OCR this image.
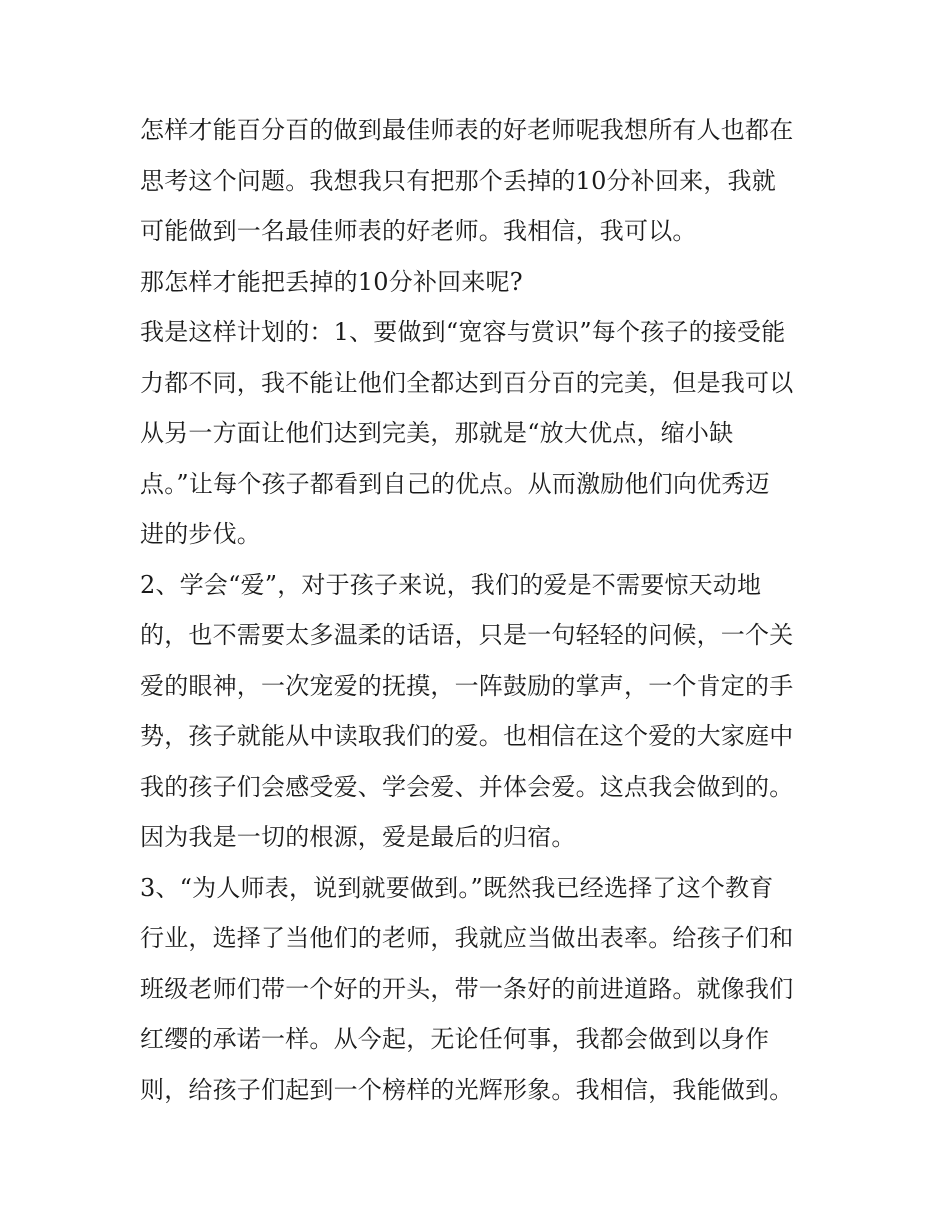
怎样才能百分百的做到最佳师表的好老师呢我想所有人也都在
思考这个问题。我想我只有把那个丢掉的10分补回来，我就
可能做到一名最佳师表的好老师。我相信，我可以。
那怎样才能把丢掉的10分补回来呢?
我是这样计划的：1、要做到“宽容与赏识”每个孩子的接受能
力都不同，我不能让他们全都达到百分百的完美，但是我可以
从另一方面让他们达到完美，那就是“放大优点，缩小缺
点。”让每个孩子都看到自己的优点。从而激励他们向优秀迈
进的步伐。
2、学会“爱”，对于孩子来说，我们的爱是不需要惊天动地
的，也不需要太多温柔的话语，只是一句轻轻的问候，一个关
爱的眼神，一次宠爱的抚摸，一阵鼓励的掌声，一个肯定的手
势，孩子就能从中读取我们的爱。也相信在这个爱的大家庭中
我的孩子们会感受爱、学会爱、并体会爱。这点我会做到的。
因为我是一切的根源，爱是最后的归宿。
3、“为人师表，说到就要做到。”既然我已经选择了这个教育
行业，选择了当他们的老师，我就应当做出表率。给孩子们和
班级老师们带一个好的开头，带一条好的前进道路。就像我们
红缨的承诺一样。从今起，无论任何事，我都会做到以身作
则，给孩子们起到一个榜样的光辉形象。我相信，我能做到。
